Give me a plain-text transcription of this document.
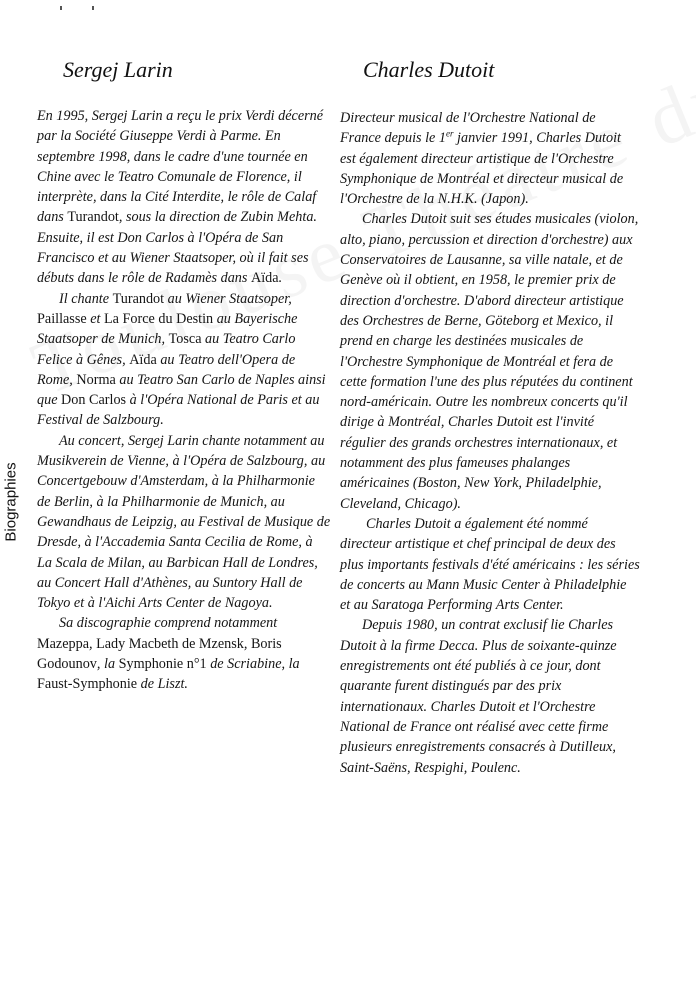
Biographies
Sergej Larin	Charles Dutoit

En 1995, Sergej Larin a reçu le prix Verdi décerné par la Société Giuseppe Verdi à Parme. En septembre 1998, dans le cadre d'une tournée en Chine avec le Teatro Comunale de Florence, il interprète, dans la Cité Interdite, le rôle de Calaf dans Turandot, sous la direction de Zubin Mehta. Ensuite, il est Don Carlos à l'Opéra de San Francisco et au Wiener Staatsoper, où il fait ses débuts dans le rôle de Radamès dans Aïda.

Il chante Turandot au Wiener Staatsoper, Paillasse et La Force du Destin au Bayerische Staatsoper de Munich, Tosca au Teatro Carlo Felice à Gênes, Aïda au Teatro dell'Opera de Rome, Norma au Teatro San Carlo de Naples ainsi que Don Carlos à l'Opéra National de Paris et au Festival de Salzbourg.

Au concert, Sergej Larin chante notamment au Musikverein de Vienne, à l'Opéra de Salzbourg, au Concertgebouw d'Amsterdam, à la Philharmonie de Berlin, à la Philharmonie de Munich, au Gewandhaus de Leipzig, au Festival de Musique de Dresde, à l'Accademia Santa Cecilia de Rome, à La Scala de Milan, au Barbican Hall de Londres, au Concert Hall d'Athènes, au Suntory Hall de Tokyo et à l'Aichi Arts Center de Nagoya.

Sa discographie comprend notamment Mazeppa, Lady Macbeth de Mzensk, Boris Godounov, la Symphonie n°1 de Scriabine, la Faust-Symphonie de Liszt.

Directeur musical de l'Orchestre National de France depuis le 1er janvier 1991, Charles Dutoit est également directeur artistique de l'Orchestre Symphonique de Montréal et directeur musical de l'Orchestre de la N.H.K. (Japon).

Charles Dutoit suit ses études musicales (violon, alto, piano, percussion et direction d'orchestre) aux Conservatoires de Lausanne, sa ville natale, et de Genève où il obtient, en 1958, le premier prix de direction d'orchestre. D'abord directeur artistique des Orchestres de Berne, Göteborg et Mexico, il prend en charge les destinées musicales de l'Orchestre Symphonique de Montréal et fera de cette formation l'une des plus réputées du continent nord-américain. Outre les nombreux concerts qu'il dirige à Montréal, Charles Dutoit est l'invité régulier des grands orchestres internationaux, et notamment des plus fameuses phalanges américaines (Boston, New York, Philadelphie, Cleveland, Chicago).

Charles Dutoit a également été nommé directeur artistique et chef principal de deux des plus importants festivals d'été américains : les séries de concerts au Mann Music Center à Philadelphie et au Saratoga Performing Arts Center.

Depuis 1980, un contrat exclusif lie Charles Dutoit à la firme Decca. Plus de soixante-quinze enregistrements ont été publiés à ce jour, dont quarante furent distingués par des prix internationaux. Charles Dutoit et l'Orchestre National de France ont réalisé avec cette firme plusieurs enregistrements consacrés à Dutilleux, Saint-Saëns, Respighi, Poulenc.
